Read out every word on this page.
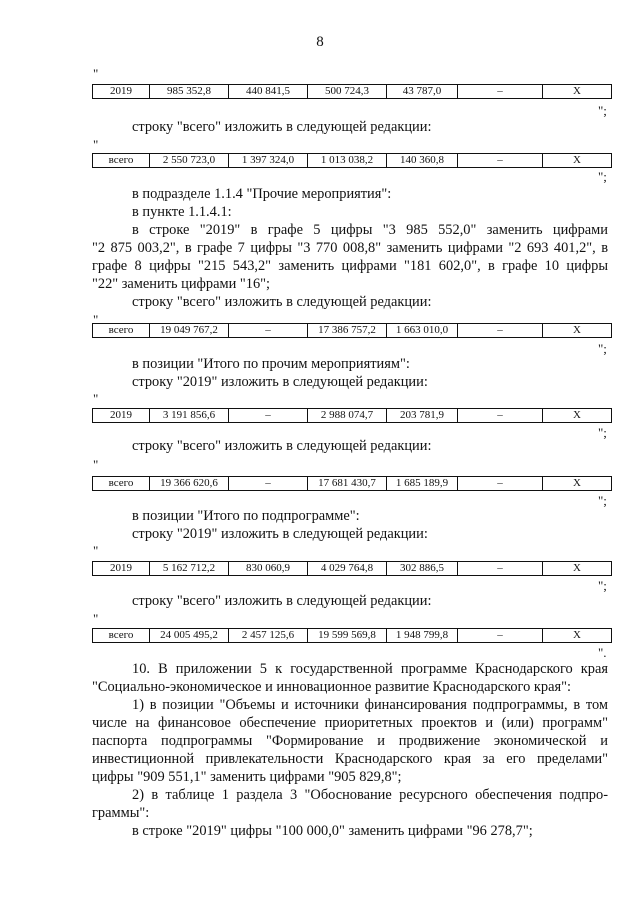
8
"
2019	985 352,8	440 841,5	500 724,3	43 787,0	–	X
";
строку "всего" изложить в следующей редакции:
"
всего	2 550 723,0	1 397 324,0	1 013 038,2	140 360,8	–	X
";
в подразделе 1.1.4 "Прочие мероприятия":
в пункте 1.1.4.1:
в строке "2019" в графе 5 цифры "3 985 552,0" заменить цифрами
"2 875 003,2", в графе 7 цифры "3 770 008,8" заменить цифрами "2 693 401,2", в
графе 8 цифры "215 543,2" заменить цифрами "181 602,0", в графе 10 цифры
"22" заменить цифрами "16";
строку "всего" изложить в следующей редакции:
"
всего	19 049 767,2	–	17 386 757,2	1 663 010,0	–	X
";
в позиции "Итого по прочим мероприятиям":
строку "2019" изложить в следующей редакции:
"
2019	3 191 856,6	–	2 988 074,7	203 781,9	–	X
";
строку "всего" изложить в следующей редакции:
"
всего	19 366 620,6	–	17 681 430,7	1 685 189,9	–	X
";
в позиции "Итого по подпрограмме":
строку "2019" изложить в следующей редакции:
"
2019	5 162 712,2	830 060,9	4 029 764,8	302 886,5	–	X
";
строку "всего" изложить в следующей редакции:
"
всего	24 005 495,2	2 457 125,6	19 599 569,8	1 948 799,8	–	X
".
10. В приложении 5 к государственной программе Краснодарского края
"Социально-экономическое и инновационное развитие Краснодарского края":
1) в позиции "Объемы и источники финансирования подпрограммы, в том
числе на финансовое обеспечение приоритетных проектов и (или) программ"
паспорта подпрограммы "Формирование и продвижение экономической и
инвестиционной привлекательности Краснодарского края за его пределами"
цифры "909 551,1" заменить цифрами "905 829,8";
2) в таблице 1 раздела 3 "Обоснование ресурсного обеспечения подпро-
граммы":
в строке "2019" цифры "100 000,0" заменить цифрами "96 278,7";
